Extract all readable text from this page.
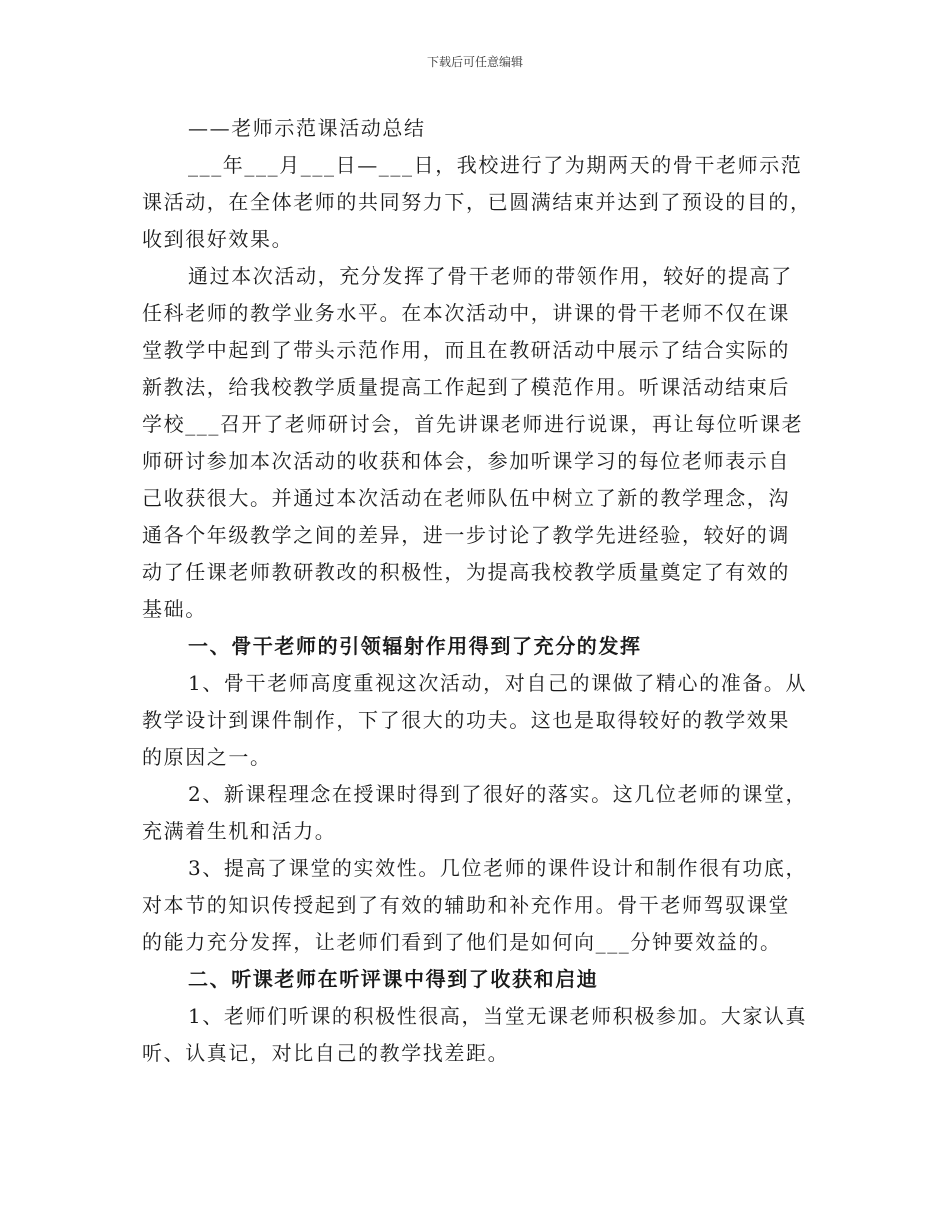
下载后可任意编辑
——老师示范课活动总结
___年___月___日—___日，我校进行了为期两天的骨干老师示范
课活动，在全体老师的共同努力下，已圆满结束并达到了预设的目的，
收到很好效果。
通过本次活动，充分发挥了骨干老师的带领作用，较好的提高了
任科老师的教学业务水平。在本次活动中，讲课的骨干老师不仅在课
堂教学中起到了带头示范作用，而且在教研活动中展示了结合实际的
新教法，给我校教学质量提高工作起到了模范作用。听课活动结束后
学校___召开了老师研讨会，首先讲课老师进行说课，再让每位听课老
师研讨参加本次活动的收获和体会，参加听课学习的每位老师表示自
己收获很大。并通过本次活动在老师队伍中树立了新的教学理念，沟
通各个年级教学之间的差异，进一步讨论了教学先进经验，较好的调
动了任课老师教研教改的积极性，为提高我校教学质量奠定了有效的
基础。
一、骨干老师的引领辐射作用得到了充分的发挥
1、骨干老师高度重视这次活动，对自己的课做了精心的准备。从
教学设计到课件制作，下了很大的功夫。这也是取得较好的教学效果
的原因之一。
2、新课程理念在授课时得到了很好的落实。这几位老师的课堂，
充满着生机和活力。
3、提高了课堂的实效性。几位老师的课件设计和制作很有功底，
对本节的知识传授起到了有效的辅助和补充作用。骨干老师驾驭课堂
的能力充分发挥，让老师们看到了他们是如何向___分钟要效益的。
二、听课老师在听评课中得到了收获和启迪
1、老师们听课的积极性很高，当堂无课老师积极参加。大家认真
听、认真记，对比自己的教学找差距。
